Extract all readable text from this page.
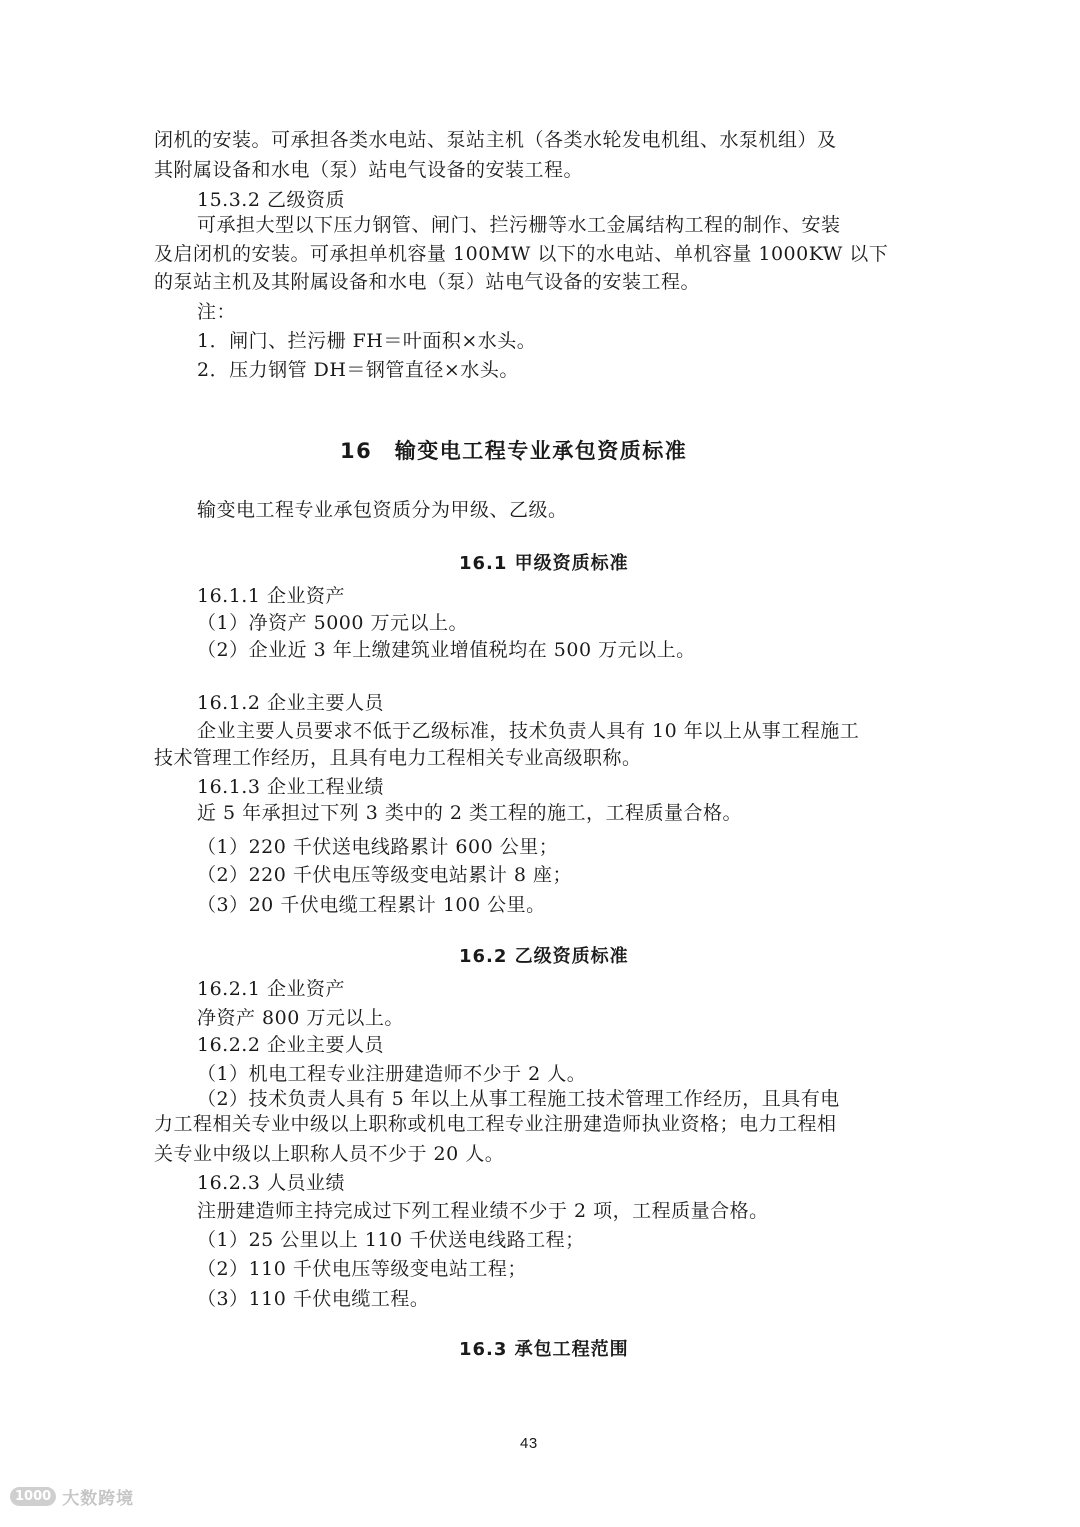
闭机的安装。可承担各类水电站、泵站主机（各类水轮发电机组、水泵机组）及
其附属设备和水电（泵）站电气设备的安装工程。
15.3.2 乙级资质
可承担大型以下压力钢管、闸门、拦污栅等水工金属结构工程的制作、安装
及启闭机的安装。可承担单机容量 100MW 以下的水电站、单机容量 1000KW 以下
的泵站主机及其附属设备和水电（泵）站电气设备的安装工程。
注：
1．闸门、拦污栅 FH＝叶面积×水头。
2．压力钢管 DH＝钢管直径×水头。
16　输变电工程专业承包资质标准
输变电工程专业承包资质分为甲级、乙级。
16.1 甲级资质标准
16.1.1 企业资产
（1）净资产 5000 万元以上。
（2）企业近 3 年上缴建筑业增值税均在 500 万元以上。
16.1.2 企业主要人员
企业主要人员要求不低于乙级标准，技术负责人具有 10 年以上从事工程施工
技术管理工作经历，且具有电力工程相关专业高级职称。
16.1.3 企业工程业绩
近 5 年承担过下列 3 类中的 2 类工程的施工，工程质量合格。
（1）220 千伏送电线路累计 600 公里；
（2）220 千伏电压等级变电站累计 8 座；
（3）20 千伏电缆工程累计 100 公里。
16.2 乙级资质标准
16.2.1 企业资产
净资产 800 万元以上。
16.2.2 企业主要人员
（1）机电工程专业注册建造师不少于 2 人。
（2）技术负责人具有 5 年以上从事工程施工技术管理工作经历，且具有电
力工程相关专业中级以上职称或机电工程专业注册建造师执业资格；电力工程相
关专业中级以上职称人员不少于 20 人。
16.2.3 人员业绩
注册建造师主持完成过下列工程业绩不少于 2 项，工程质量合格。
（1）25 公里以上 110 千伏送电线路工程；
（2）110 千伏电压等级变电站工程；
（3）110 千伏电缆工程。
16.3 承包工程范围
43
1000 大数跨境
